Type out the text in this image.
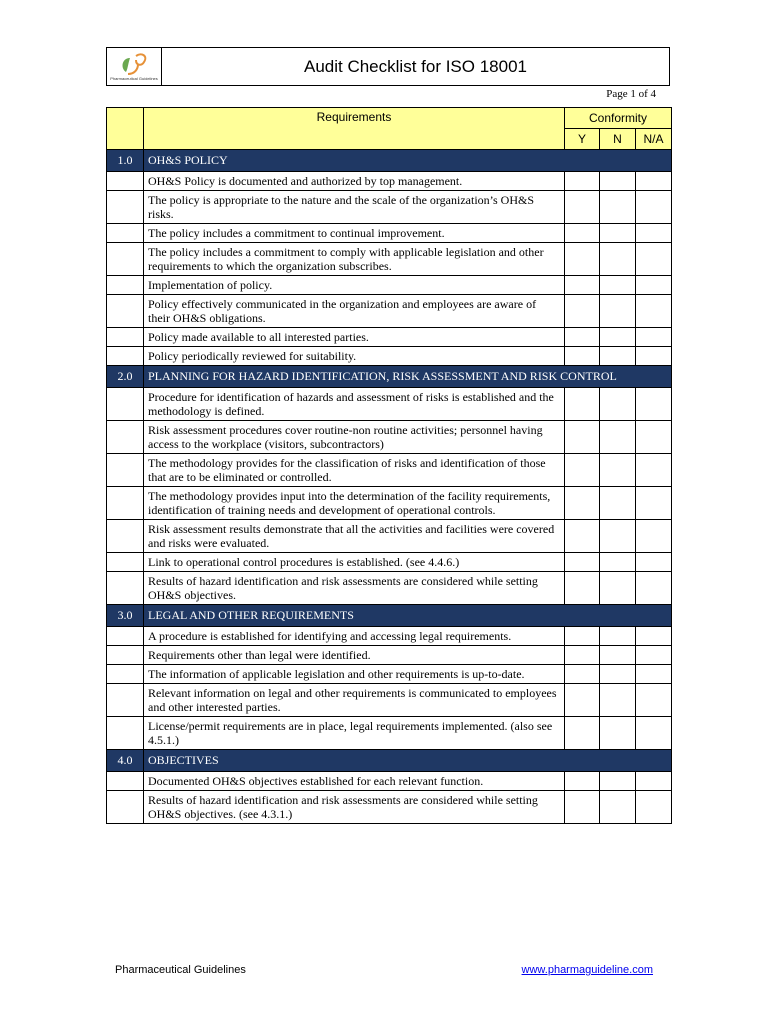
Pharmaceutical Guidelines
Audit Checklist for ISO 18001
Page 1 of 4
	Requirements	Conformity		
		Y	N	N/A
1.0	OH&S POLICY			
	OH&S Policy is documented and authorized by top management.			
	The policy is appropriate to the nature and the scale of the organization’s OH&S risks.			
	The policy includes a commitment to continual improvement.			
	The policy includes a commitment to comply with applicable legislation and other requirements to which the organization subscribes.			
	Implementation of policy.			
	Policy effectively communicated in the organization and employees are aware of their OH&S obligations.			
	Policy made available to all interested parties.			
	Policy periodically reviewed for suitability.			
2.0	PLANNING FOR HAZARD IDENTIFICATION, RISK ASSESSMENT AND RISK CONTROL			
	Procedure for identification of hazards and assessment of risks is established and the methodology is defined.			
	Risk assessment procedures cover routine-non routine activities; personnel having access to the workplace (visitors, subcontractors)			
	The methodology provides for the classification of risks and identification of those that are to be eliminated or controlled.			
	The methodology provides input into the determination of the facility requirements, identification of training needs and development of operational controls.			
	Risk assessment results demonstrate that all the activities and facilities were covered and risks were evaluated.			
	Link to operational control procedures is established. (see 4.4.6.)			
	Results of hazard identification and risk assessments are considered while setting OH&S objectives.			
3.0	LEGAL AND OTHER REQUIREMENTS			
	A procedure is established for identifying and accessing legal requirements.			
	Requirements other than legal were identified.			
	The information of applicable legislation and other requirements is up-to-date.			
	Relevant information on legal and other requirements is communicated to employees and other interested parties.			
	License/permit requirements are in place, legal requirements implemented. (also see 4.5.1.)			
4.0	OBJECTIVES			
	Documented OH&S objectives established for each relevant function.			
	Results of hazard identification and risk assessments are considered while setting OH&S objectives. (see 4.3.1.)			
Pharmaceutical Guidelines	www.pharmaguideline.com
